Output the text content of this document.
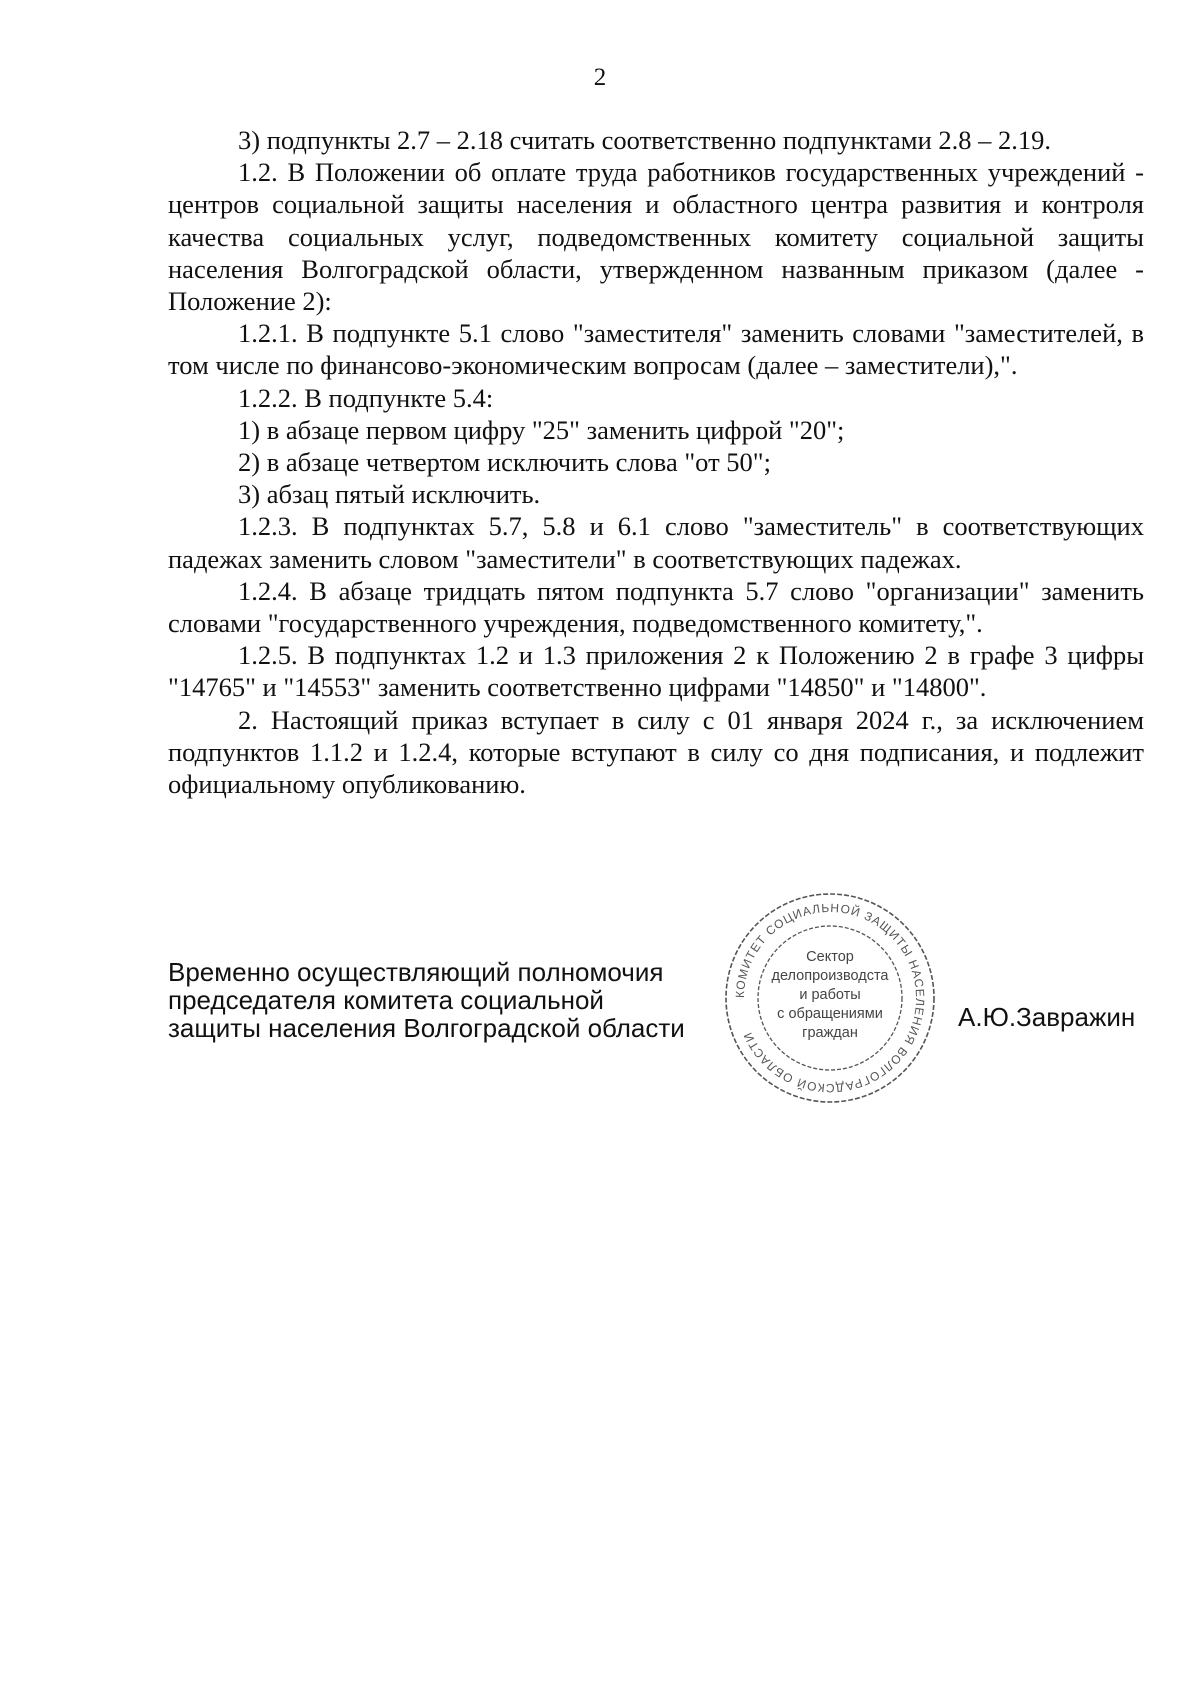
2

3) подпункты 2.7 – 2.18 считать соответственно подпунктами 2.8 – 2.19.

1.2. В Положении об оплате труда работников государственных учреждений - центров социальной защиты населения и областного центра развития и контроля качества социальных услуг, подведомственных комитету социальной защиты населения Волгоградской области, утвержденном названным приказом (далее - Положение 2):

1.2.1. В подпункте 5.1 слово "заместителя" заменить словами "заместителей, в том числе по финансово-экономическим вопросам (далее – заместители),".

1.2.2. В подпункте 5.4:

1) в абзаце первом цифру "25" заменить цифрой "20";

2) в абзаце четвертом исключить слова "от 50";

3) абзац пятый исключить.

1.2.3. В подпунктах 5.7, 5.8 и 6.1 слово "заместитель" в соответствующих падежах заменить словом "заместители" в соответствующих падежах.

1.2.4. В абзаце тридцать пятом подпункта 5.7 слово "организации" заменить словами "государственного учреждения, подведомственного комитету,".

1.2.5. В подпунктах 1.2 и 1.3 приложения 2 к Положению 2 в графе 3 цифры "14765" и "14553" заменить соответственно цифрами "14850" и "14800".

2. Настоящий приказ вступает в силу с 01 января 2024 г., за исключением подпунктов 1.1.2 и 1.2.4, которые вступают в силу со дня подписания, и подлежит официальному опубликованию.

Временно осуществляющий полномочия
председателя комитета социальной
защиты населения Волгоградской области
КОМИТЕТ СОЦИАЛЬНОЙ ЗАЩИТЫ НАСЕЛЕНИЯ ВОЛГОГРАДСКОЙ ОБЛАСТИ
Сектор
делопроизводста
и работы
с обращениями
граждан
А.Ю.Завражин
